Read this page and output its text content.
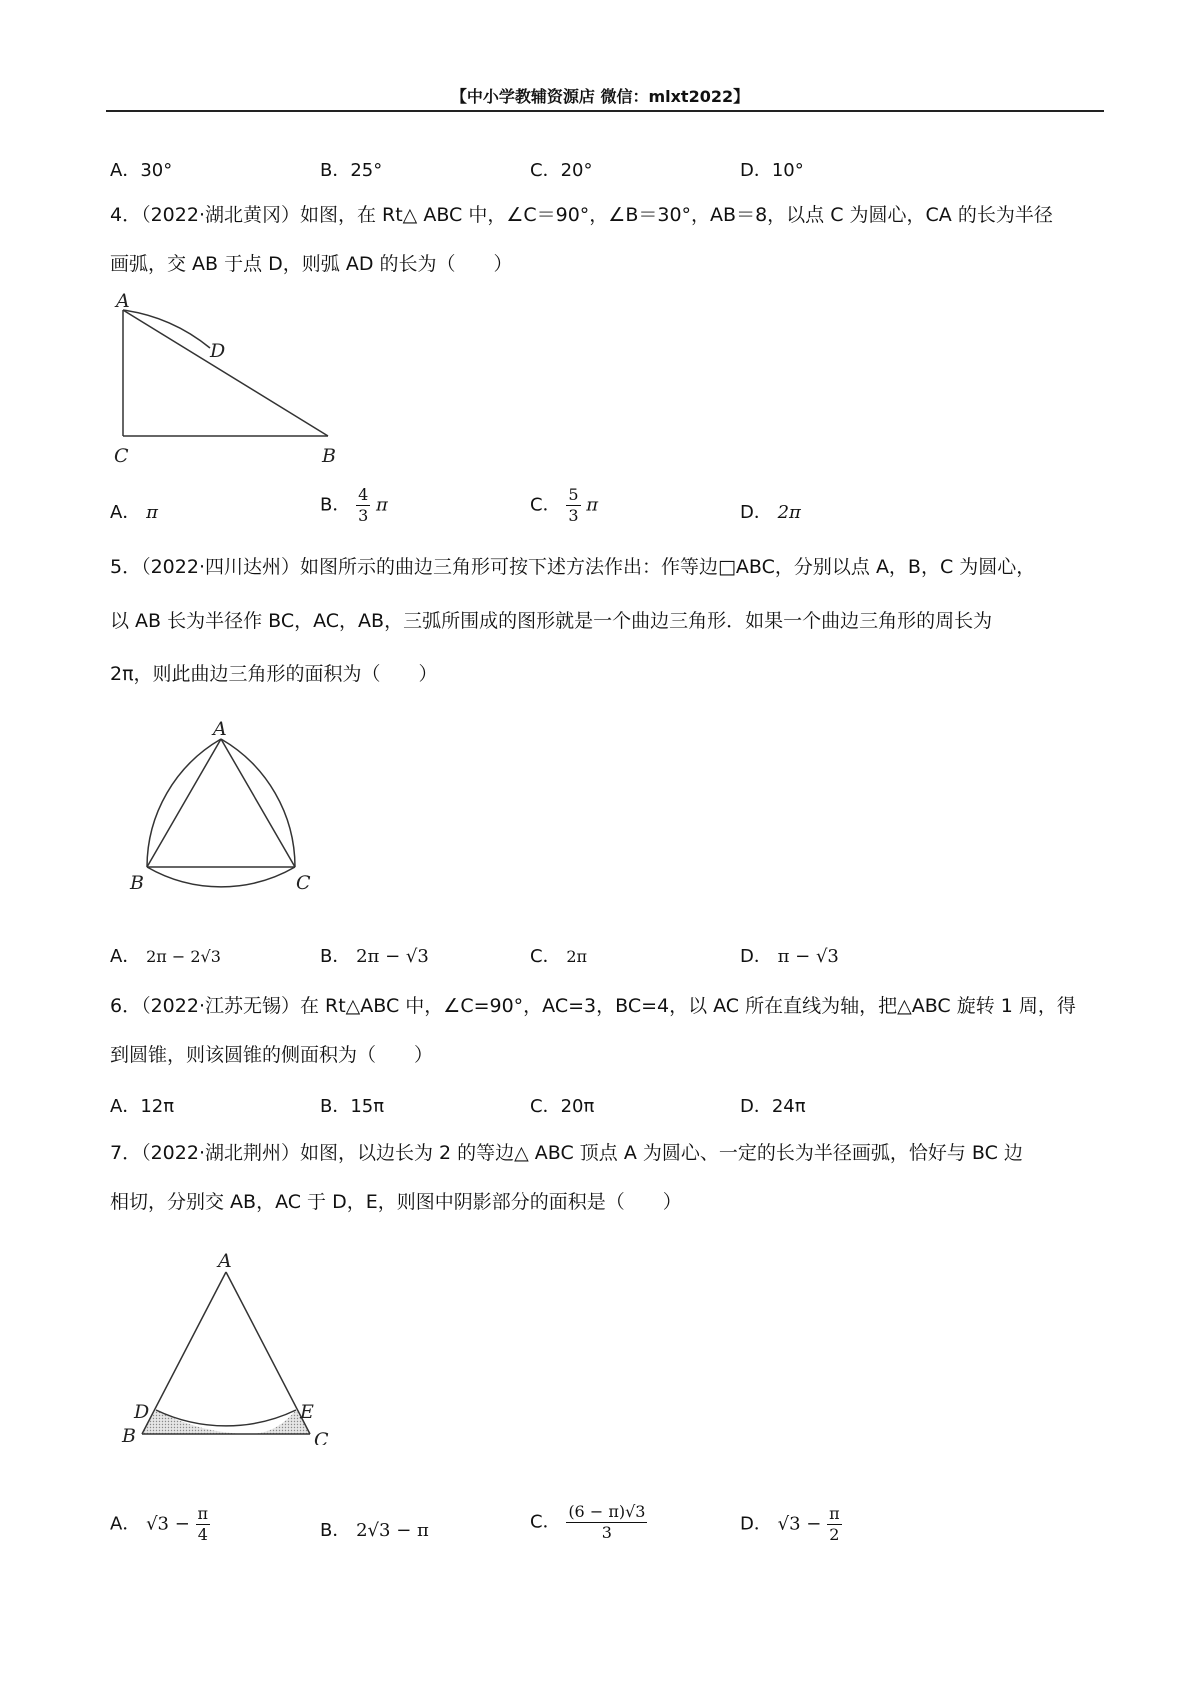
【中小学教辅资源店 微信：mlxt2022】
A．30°	B．25°	C．20°	D．10°
4．（2022·湖北黄冈）如图，在 Rt△ ABC 中，∠C＝90°，∠B＝30°，AB＝8，以点 C 为圆心，CA 的长为半径
画弧，交 AB 于点 D，则弧 AD 的长为（　　）
A
D
C	B
A． π	B． $\frac{4}{3}$ π	C． $\frac{5}{3}$ π	D． 2π
5．（2022·四川达州）如图所示的曲边三角形可按下述方法作出：作等边□ABC，分别以点 A，B，C 为圆心，
以 AB 长为半径作 BC，AC，AB，三弧所围成的图形就是一个曲边三角形．如果一个曲边三角形的周长为
2π，则此曲边三角形的面积为（　　）
A
B	C
A． 2π − 2√3	B． 2π − √3	C． 2π	D． π − √3
6．（2022·江苏无锡）在 Rt△ABC 中，∠C=90°，AC=3，BC=4，以 AC 所在直线为轴，把△ABC 旋转 1 周，得
到圆锥，则该圆锥的侧面积为（　　）
A．12π	B．15π	C．20π	D．24π
7．（2022·湖北荆州）如图，以边长为 2 的等边△ ABC 顶点 A 为圆心、一定的长为半径画弧，恰好与 BC 边
相切，分别交 AB，AC 于 D，E，则图中阴影部分的面积是（　　）
A
D
B
E
C
A． $√3 - \frac{\pi}{4}$	B． 2√3 − π	C． $\frac{(6 - \pi)√3}{3}$	D． $√3 - \frac{\pi}{2}$
